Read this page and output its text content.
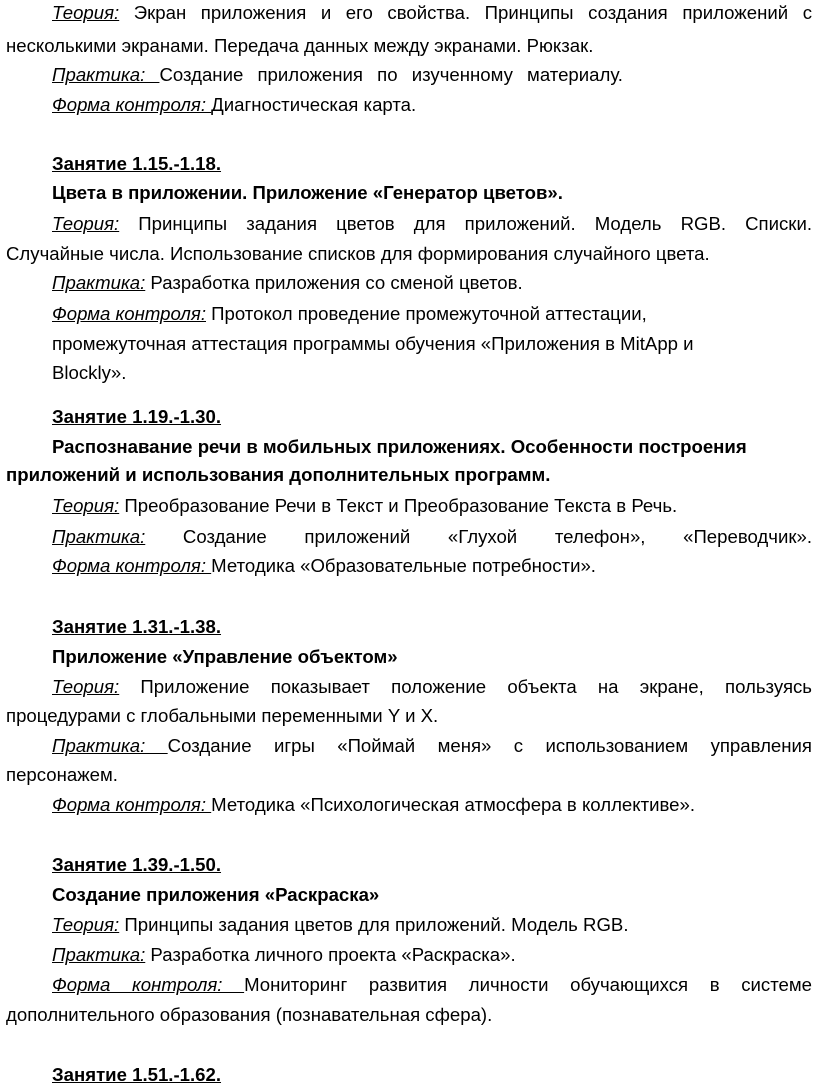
Теория: Экран приложения и его свойства. Принципы создания приложений с
несколькими экранами. Передача данных между экранами. Рюкзак.
Практика: Создание приложения по изученному материалу.
Форма контроля: Диагностическая карта.
Занятие 1.15.-1.18.
Цвета в приложении. Приложение «Генератор цветов».
Теория: Принципы задания цветов для приложений. Модель RGB. Списки.
Случайные числа. Использование списков для формирования случайного цвета.
Практика: Разработка приложения со сменой цветов.
Форма контроля: Протокол проведение промежуточной аттестации,
промежуточная аттестация программы обучения «Приложения в MitApp и
Blockly».
Занятие 1.19.-1.30.
Распознавание речи в мобильных приложениях. Особенности построения
приложений и использования дополнительных программ.
Теория: Преобразование Речи в Текст и Преобразование Текста в Речь.
Практика: Создание приложений «Глухой телефон», «Переводчик».
Форма контроля: Методика «Образовательные потребности».
Занятие 1.31.-1.38.
Приложение «Управление объектом»
Теория: Приложение показывает положение объекта на экране, пользуясь
процедурами с глобальными переменными Y и X.
Практика: Создание игры «Поймай меня» с использованием управления
персонажем.
Форма контроля: Методика «Психологическая атмосфера в коллективе».
Занятие 1.39.-1.50.
Создание приложения «Раскраска»
Теория: Принципы задания цветов для приложений. Модель RGB.
Практика: Разработка личного проекта «Раскраска».
Форма контроля: Мониторинг развития личности обучающихся в системе
дополнительного образования (познавательная сфера).
Занятие 1.51.-1.62.
